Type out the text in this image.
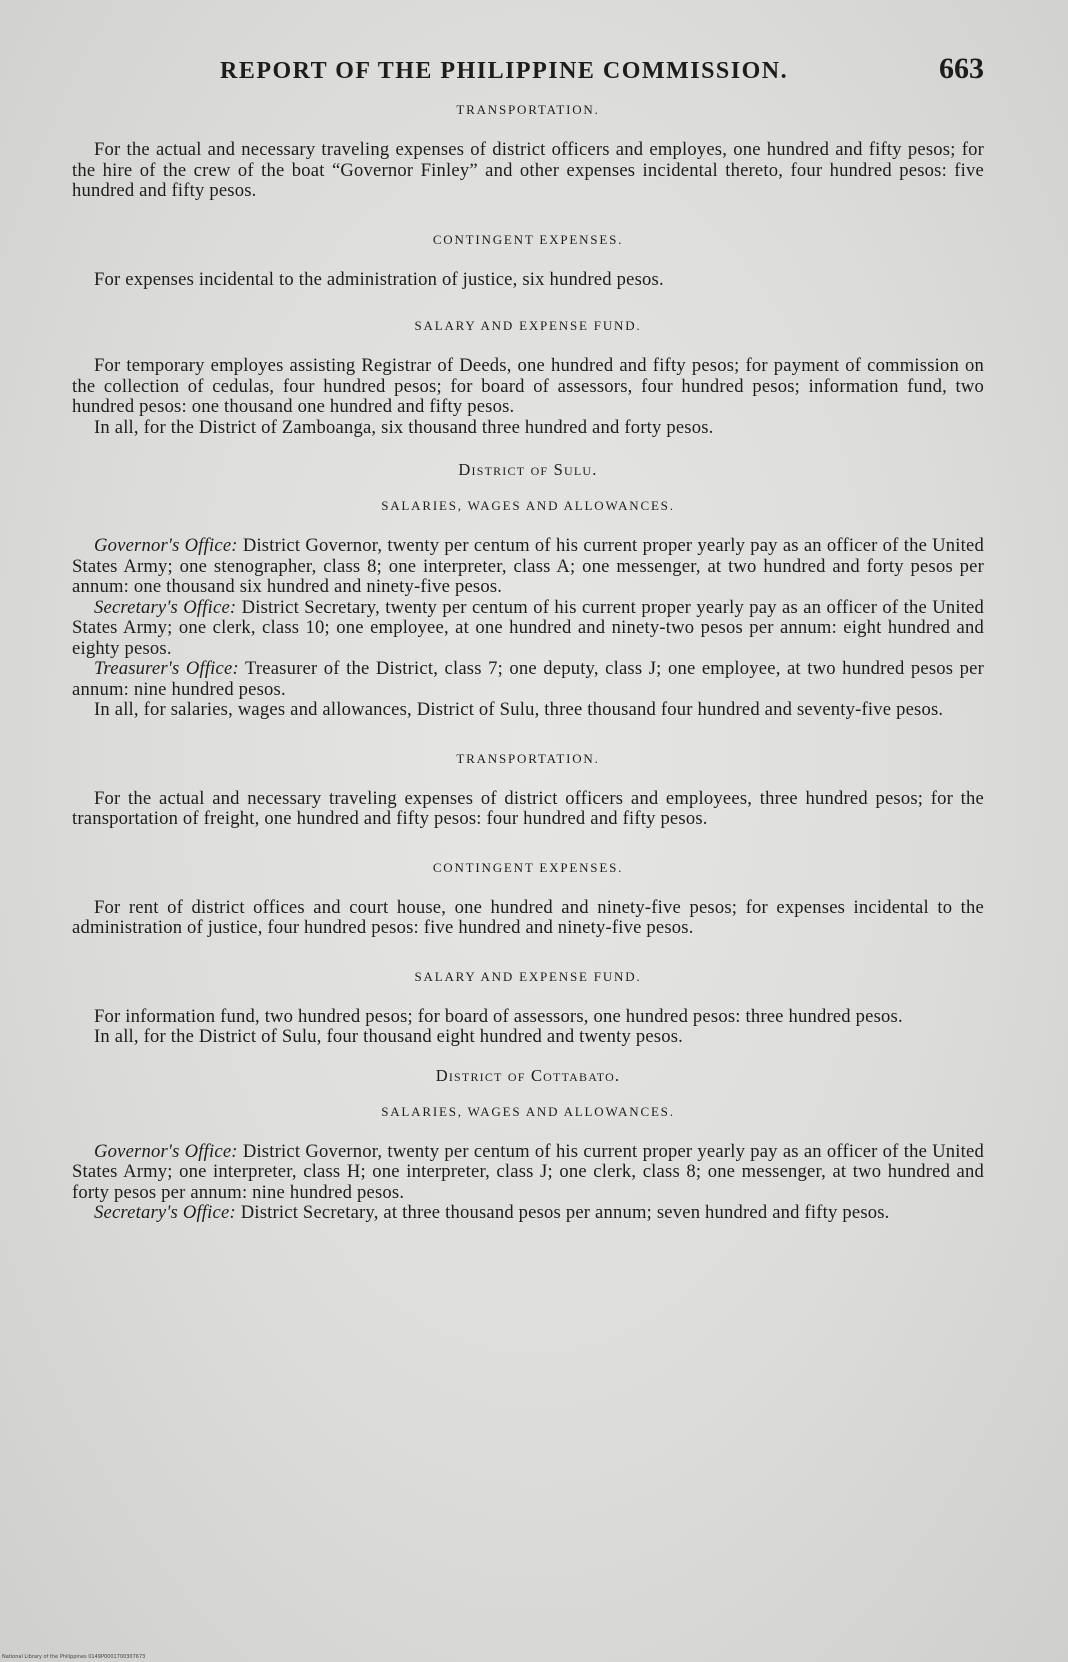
REPORT OF THE PHILIPPINE COMMISSION.	663

TRANSPORTATION.

For the actual and necessary traveling expenses of district officers and employes, one hundred and fifty pesos; for the hire of the crew of the boat “Governor Finley” and other expenses incidental thereto, four hundred pesos: five hundred and fifty pesos.

CONTINGENT EXPENSES.

For expenses incidental to the administration of justice, six hundred pesos.

SALARY AND EXPENSE FUND.

For temporary employes assisting Registrar of Deeds, one hundred and fifty pesos; for payment of commission on the collection of cedulas, four hundred pesos; for board of assessors, four hundred pesos; information fund, two hundred pesos: one thousand one hundred and fifty pesos.

In all, for the District of Zamboanga, six thousand three hundred and forty pesos.

District of Sulu.

SALARIES, WAGES AND ALLOWANCES.

Governor's Office: District Governor, twenty per centum of his current proper yearly pay as an officer of the United States Army; one stenographer, class 8; one interpreter, class A; one messenger, at two hundred and forty pesos per annum: one thousand six hundred and ninety-five pesos.

Secretary's Office: District Secretary, twenty per centum of his current proper yearly pay as an officer of the United States Army; one clerk, class 10; one employee, at one hundred and ninety-two pesos per annum: eight hundred and eighty pesos.

Treasurer's Office: Treasurer of the District, class 7; one deputy, class J; one employee, at two hundred pesos per annum: nine hundred pesos.

In all, for salaries, wages and allowances, District of Sulu, three thousand four hundred and seventy-five pesos.

TRANSPORTATION.

For the actual and necessary traveling expenses of district officers and employees, three hundred pesos; for the transportation of freight, one hundred and fifty pesos: four hundred and fifty pesos.

CONTINGENT EXPENSES.

For rent of district offices and court house, one hundred and ninety-five pesos; for expenses incidental to the administration of justice, four hundred pesos: five hundred and ninety-five pesos.

SALARY AND EXPENSE FUND.

For information fund, two hundred pesos; for board of assessors, one hundred pesos: three hundred pesos.

In all, for the District of Sulu, four thousand eight hundred and twenty pesos.

District of Cottabato.

SALARIES, WAGES AND ALLOWANCES.

Governor's Office: District Governor, twenty per centum of his current proper yearly pay as an officer of the United States Army; one interpreter, class H; one interpreter, class J; one clerk, class 8; one messenger, at two hundred and forty pesos per annum: nine hundred pesos.

Secretary's Office: District Secretary, at three thousand pesos per annum; seven hundred and fifty pesos.

National Library of the Philippines 0149P0001700307673
